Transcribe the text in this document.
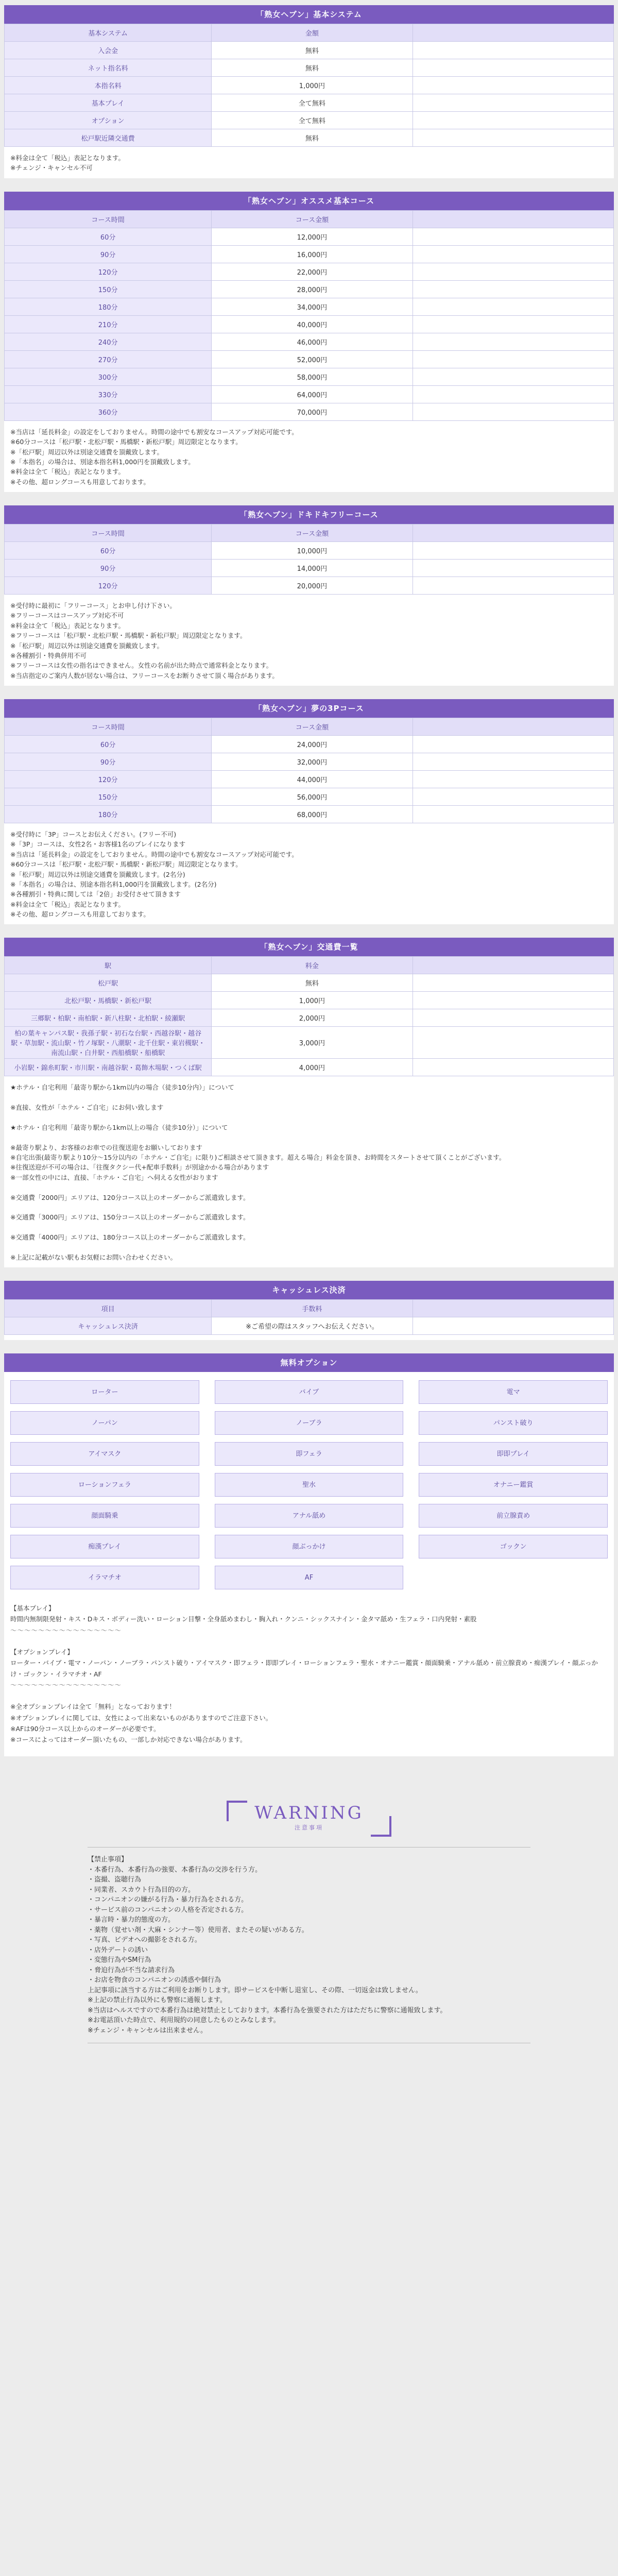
「熟女ヘブン」基本システム
基本システム	金額	
入会金	無料	
ネット指名料	無料	
本指名料	1,000円	
基本プレイ	全て無料	
オプション	全て無料	
松戸駅近隣交通費	無料	

※料金は全て「税込」表記となります。

※チェンジ・キャンセル不可

「熟女ヘブン」オススメ基本コース
コース時間	コース金額	
60分	12,000円	
90分	16,000円	
120分	22,000円	
150分	28,000円	
180分	34,000円	
210分	40,000円	
240分	46,000円	
270分	52,000円	
300分	58,000円	
330分	64,000円	
360分	70,000円	

※当店は「延長料金」の設定をしておりません。時間の途中でも割安なコースアップ対応可能です。

※60分コースは「松戸駅・北松戸駅・馬橋駅・新松戸駅」周辺限定となります。

※「松戸駅」周辺以外は別途交通費を頂戴致します。

※「本指名」の場合は、別途本指名料1,000円を頂戴致します。

※料金は全て「税込」表記となります。

※その他、超ロングコースも用意しております。

「熟女ヘブン」ドキドキフリーコース
コース時間	コース金額	
60分	10,000円	
90分	14,000円	
120分	20,000円	

※受付時に最初に「フリーコース」とお申し付け下さい。

※フリーコースはコースアップ対応不可

※料金は全て「税込」表記となります。

※フリーコースは「松戸駅・北松戸駅・馬橋駅・新松戸駅」周辺限定となります。

※「松戸駅」周辺以外は別途交通費を頂戴致します。

※各種割引・特典併用不可

※フリーコースは女性の指名はできません。女性の名前が出た時点で通常料金となります。

※当店指定のご案内人数が居ない場合は、フリーコースをお断りさせて頂く場合があります。

「熟女ヘブン」夢の3Pコース
コース時間	コース金額	
60分	24,000円	
90分	32,000円	
120分	44,000円	
150分	56,000円	
180分	68,000円	

※受付時に「3P」コースとお伝えください。(フリー不可)

※「3P」コースは、女性2名・お客様1名のプレイになります

※当店は「延長料金」の設定をしておりません。時間の途中でも割安なコースアップ対応可能です。

※60分コースは「松戸駅・北松戸駅・馬橋駅・新松戸駅」周辺限定となります。

※「松戸駅」周辺以外は別途交通費を頂戴致します。(2名分)

※「本指名」の場合は、別途本指名料1,000円を頂戴致します。(2名分)

※各種割引・特典に関しては「2倍」お受付させて頂きます

※料金は全て「税込」表記となります。

※その他、超ロングコースも用意しております。

「熟女ヘブン」交通費一覧
駅	料金	
松戸駅	無料	
北松戸駅・馬橋駅・新松戸駅	1,000円	
三郷駅・柏駅・南柏駅・新八柱駅・北柏駅・綾瀬駅	2,000円	
柏の葉キャンパス駅・我孫子駅・初石な台駅・西越谷駅・越谷駅・草加駅・流山駅・竹ノ塚駅・八潮駅・北千住駅・東岩槻駅・南流山駅・白井駅・西船橋駅・船橋駅	3,000円	
小岩駅・錦糸町駅・市川駅・南越谷駅・葛飾木場駅・つくば駅	4,000円	

★ホテル・自宅利用「最寄り駅から1km以内の場合（徒歩10分内）」について

※直接、女性が「ホテル・ご自宅」にお伺い致します

★ホテル・自宅利用「最寄り駅から1km以上の場合（徒歩10分）」について

※最寄り駅より、お客様のお車での往復送迎をお願いしております

※自宅出張(最寄り駅より10分〜15分以内の「ホテル・ご自宅」に限り)ご相談させて頂きます。超える場合」料金を頂き、お時間をスタートさせて頂くことがございます。

※往復送迎が不可の場合は、「往復タクシー代+配車手数料」が別途かかる場合があります

※一部女性の中には、直接、「ホテル・ご自宅」へ伺える女性がおります

※交通費「2000円」エリアは、120分コース以上のオーダーからご派遣致します。

※交通費「3000円」エリアは、150分コース以上のオーダーからご派遣致します。

※交通費「4000円」エリアは、180分コース以上のオーダーからご派遣致します。

※上記に記載がない駅もお気軽にお問い合わせください。

キャッシュレス決済
項目	手数料	
キャッシュレス決済	※ご希望の際はスタッフへお伝えください。	
無料オプション
ローター	バイブ	電マ
ノーパン	ノーブラ	パンスト破り
アイマスク	即フェラ	即即プレイ
ローションフェラ	聖水	オナニー鑑賞
顔面騎乗	アナル舐め	前立腺責め
痴漢プレイ	顔ぶっかけ	ゴックン
イラマチオ	AF

【基本プレイ】

時間内無制限発射・キス・Dキス・ボディー洗い・ローション目撃・全身舐めまわし・胸入れ・クンニ・シックスナイン・金タマ舐め・生フェラ・口内発射・素股

〜〜〜〜〜〜〜〜〜〜〜〜〜〜〜〜

【オプションプレイ】

ローター・バイブ・電マ・ノーパン・ノーブラ・パンスト破り・アイマスク・即フェラ・即即プレイ・ローションフェラ・聖水・オナニー鑑賞・顔面騎乗・アナル舐め・前立腺責め・痴漢プレイ・顔ぶっかけ・ゴックン・イラマチオ・AF

〜〜〜〜〜〜〜〜〜〜〜〜〜〜〜〜

※全オプションプレイは全て「無料」となっております！

※オプションプレイに関しては、女性によって出来ないものがありますのでご注意下さい。

※AFは90分コース以上からのオーダーが必要です。

※コースによってはオーダー頂いたもの、一部しか対応できない場合があります。

WARNING
注意事項

【禁止事項】

・本番行為、本番行為の強要、本番行為の交渉を行う方。

・盗撮、盗聴行為

・同業者、スカウト行為目的の方。

・コンパニオンの嫌がる行為・暴力行為をされる方。

・サービス前のコンパニオンの人格を否定される方。

・暴言時・暴力的態度の方。

・薬物（覚せい剤・大麻・シンナー等）使用者、またその疑いがある方。

・写真、ビデオへの撮影をされる方。

・店外デートの誘い

・変態行為やSM行為

・脅迫行為が不当な請求行為

・お店を物食のコンパニオンの誘惑や個行為

上記事項に該当する方はご利用をお断りします。即サービスを中断し退室し、その際、一切返金は致しません。

※上記の禁止行為以外にも警察に通報します。

※当店はヘルスですので本番行為は絶対禁止としております。本番行為を強要された方はただちに警察に通報致します。

※お電話頂いた時点で、利用規約の同意したものとみなします。

※チェンジ・キャンセルは出来ません。
